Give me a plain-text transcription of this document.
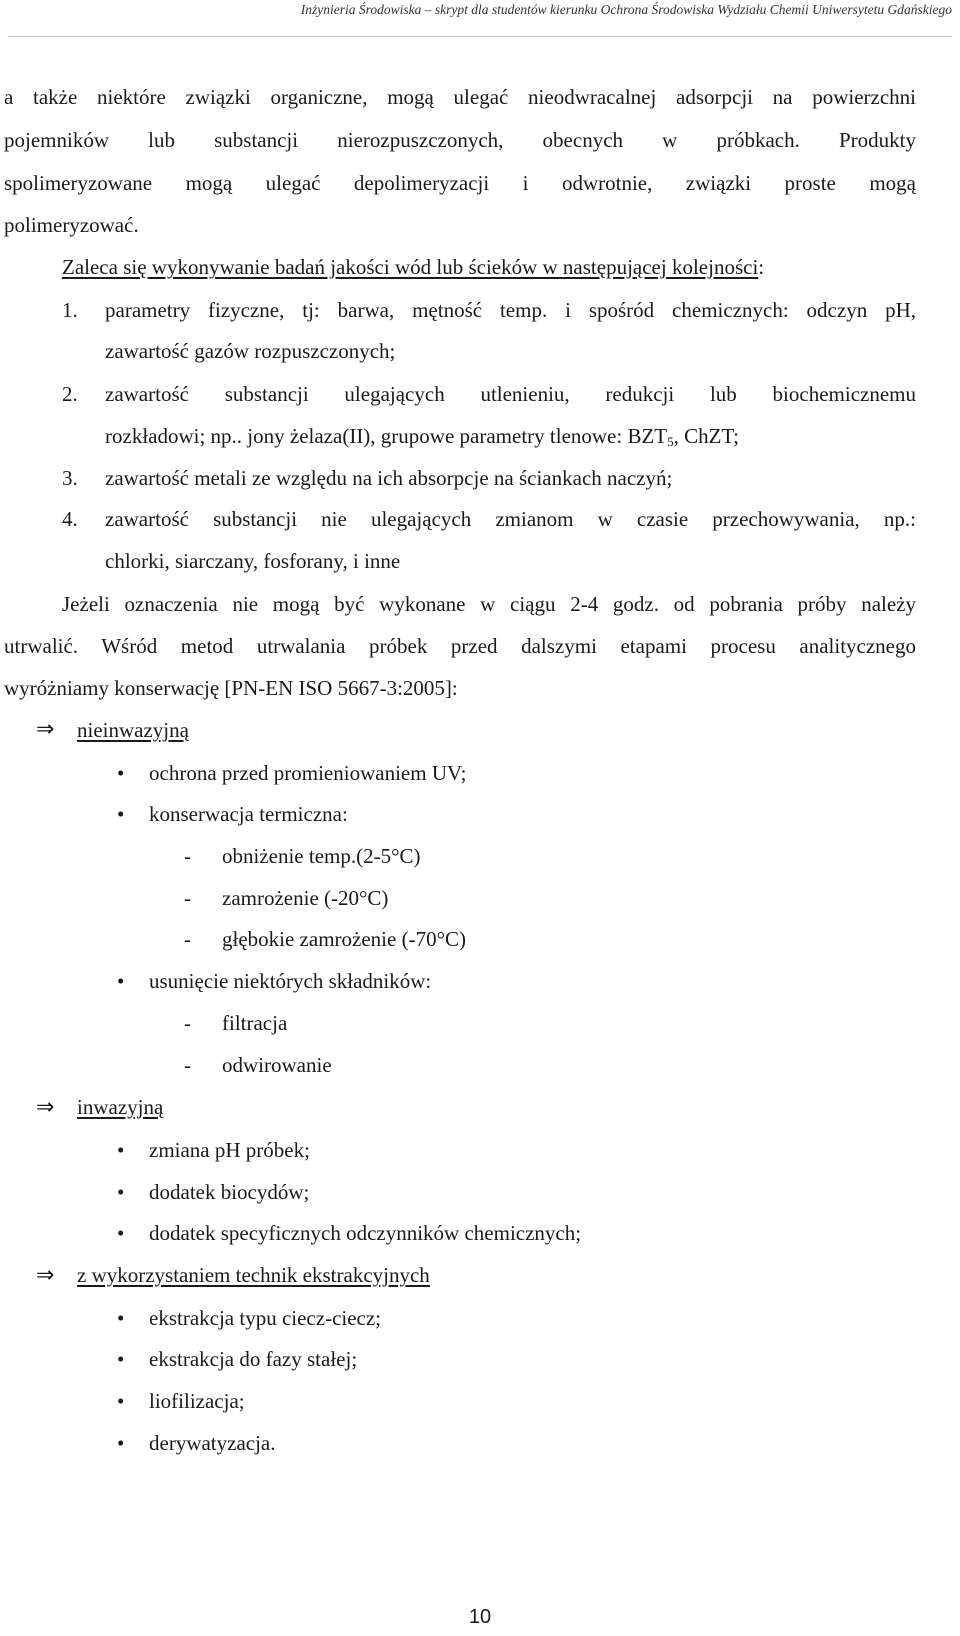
Inżynieria Środowiska – skrypt dla studentów kierunku Ochrona Środowiska Wydziału Chemii Uniwersytetu Gdańskiego
a także niektóre związki organiczne, mogą ulegać nieodwracalnej adsorpcji na powierzchni
pojemników lub substancji nierozpuszczonych, obecnych w próbkach. Produkty
spolimeryzowane mogą ulegać depolimeryzacji i odwrotnie, związki proste mogą
polimeryzować.
Zaleca się wykonywanie badań jakości wód lub ścieków w następującej kolejności:
1. parametry fizyczne, tj: barwa, mętność temp. i spośród chemicznych: odczyn pH,
zawartość gazów rozpuszczonych;
2. zawartość substancji ulegających utlenieniu, redukcji lub biochemicznemu
rozkładowi; np.. jony żelaza(II), grupowe parametry tlenowe: $BZT_5$, ChZT;
3. zawartość metali ze względu na ich absorpcje na ściankach naczyń;
4. zawartość substancji nie ulegających zmianom w czasie przechowywania, np.:
chlorki, siarczany, fosforany, i inne
Jeżeli oznaczenia nie mogą być wykonane w ciągu 2-4 godz. od pobrania próby należy
utrwalić. Wśród metod utrwalania próbek przed dalszymi etapami procesu analitycznego
wyróżniamy konserwację [PN-EN ISO 5667-3:2005]:
⇒ nieinwazyjną
• ochrona przed promieniowaniem UV;
• konserwacja termiczna:
- obniżenie temp.(2-5°C)
- zamrożenie (-20°C)
- głębokie zamrożenie (-70°C)
• usunięcie niektórych składników:
- filtracja
- odwirowanie
⇒ inwazyjną
• zmiana pH próbek;
• dodatek biocydów;
• dodatek specyficznych odczynników chemicznych;
⇒ z wykorzystaniem technik ekstrakcyjnych
• ekstrakcja typu ciecz-ciecz;
• ekstrakcja do fazy stałej;
• liofilizacja;
• derywatyzacja.
10
